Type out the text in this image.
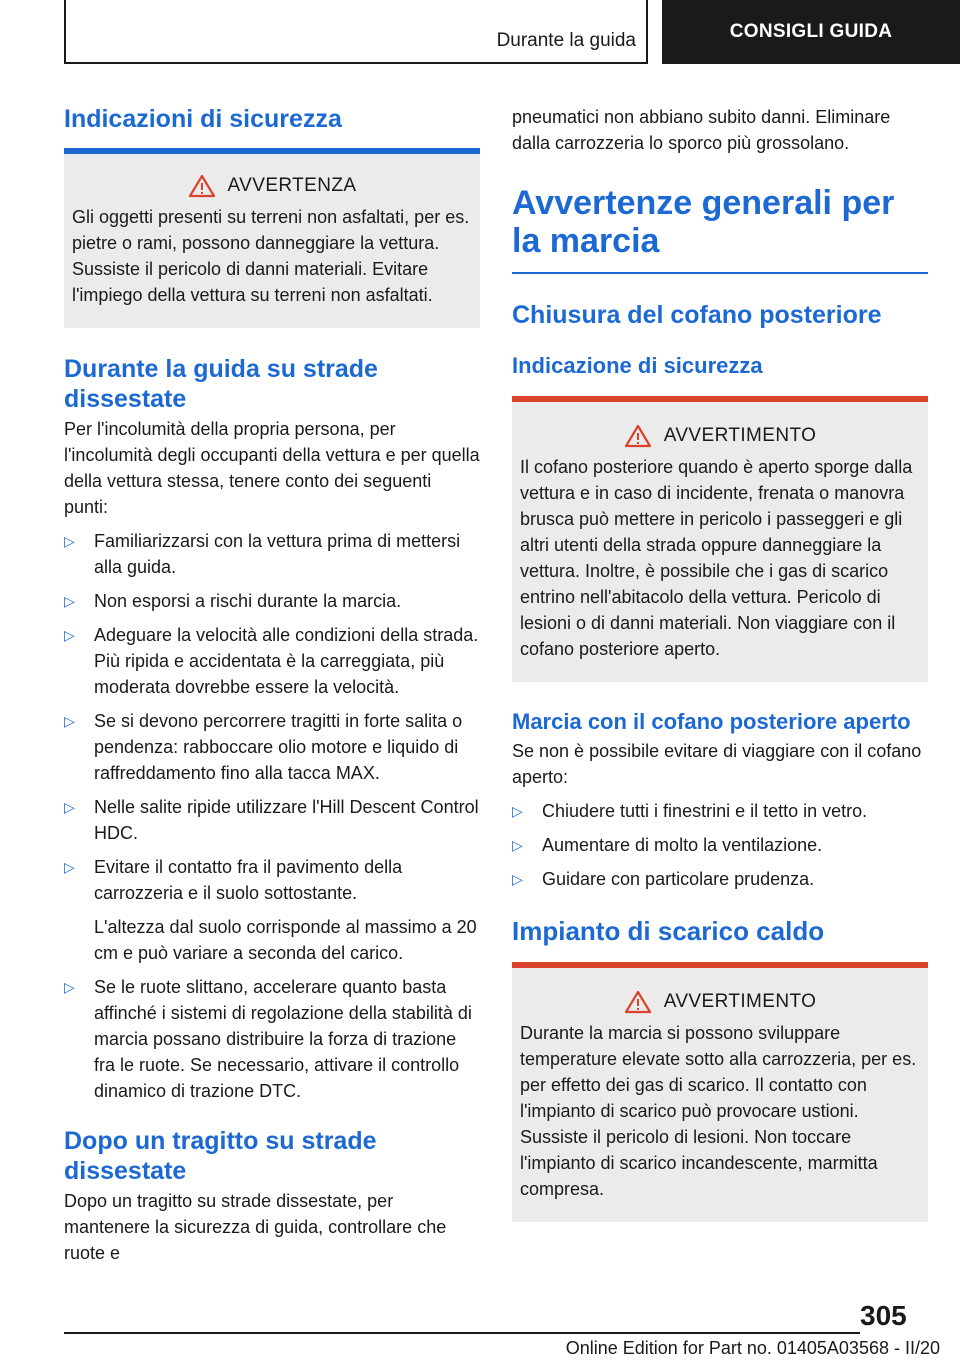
Durante la guida	CONSIGLI GUIDA
Indicazioni di sicurezza
AVVERTENZA

Gli oggetti presenti su terreni non asfaltati, per es. pietre o rami, possono danneggiare la vettura. Sussiste il pericolo di danni materiali. Evitare l'impiego della vettura su terreni non asfaltati.

Durante la guida su strade dissestate

Per l'incolumità della propria persona, per l'incolumità degli occupanti della vettura e per quella della vettura stessa, tenere conto dei seguenti punti:

▷ Familiarizzarsi con la vettura prima di mettersi alla guida.
▷ Non esporsi a rischi durante la marcia.
▷ Adeguare la velocità alle condizioni della strada. Più ripida e accidentata è la carreggiata, più moderata dovrebbe essere la velocità.
▷ Se si devono percorrere tragitti in forte salita o pendenza: rabboccare olio motore e liquido di raffreddamento fino alla tacca MAX.
▷ Nelle salite ripide utilizzare l'Hill Descent Control HDC.
▷ Evitare il contatto fra il pavimento della carrozzeria e il suolo sottostante.
L'altezza dal suolo corrisponde al massimo a 20 cm e può variare a seconda del carico.
▷ Se le ruote slittano, accelerare quanto basta affinché i sistemi di regolazione della stabilità di marcia possano distribuire la forza di trazione fra le ruote. Se necessario, attivare il controllo dinamico di trazione DTC.
Dopo un tragitto su strade dissestate

Dopo un tragitto su strade dissestate, per mantenere la sicurezza di guida, controllare che ruote e

pneumatici non abbiano subito danni. Eliminare dalla carrozzeria lo sporco più grossolano.

Avvertenze generali per la marcia
Chiusura del cofano posteriore
Indicazione di sicurezza
AVVERTIMENTO

Il cofano posteriore quando è aperto sporge dalla vettura e in caso di incidente, frenata o manovra brusca può mettere in pericolo i passeggeri e gli altri utenti della strada oppure danneggiare la vettura. Inoltre, è possibile che i gas di scarico entrino nell'abitacolo della vettura. Pericolo di lesioni o di danni materiali. Non viaggiare con il cofano posteriore aperto.

Marcia con il cofano posteriore aperto

Se non è possibile evitare di viaggiare con il cofano aperto:

▷ Chiudere tutti i finestrini e il tetto in vetro.
▷ Aumentare di molto la ventilazione.
▷ Guidare con particolare prudenza.
Impianto di scarico caldo
AVVERTIMENTO

Durante la marcia si possono sviluppare temperature elevate sotto alla carrozzeria, per es. per effetto dei gas di scarico. Il contatto con l'impianto di scarico può provocare ustioni. Sussiste il pericolo di lesioni. Non toccare l'impianto di scarico incandescente, marmitta compresa.

305
Online Edition for Part no. 01405A03568 - II/20
